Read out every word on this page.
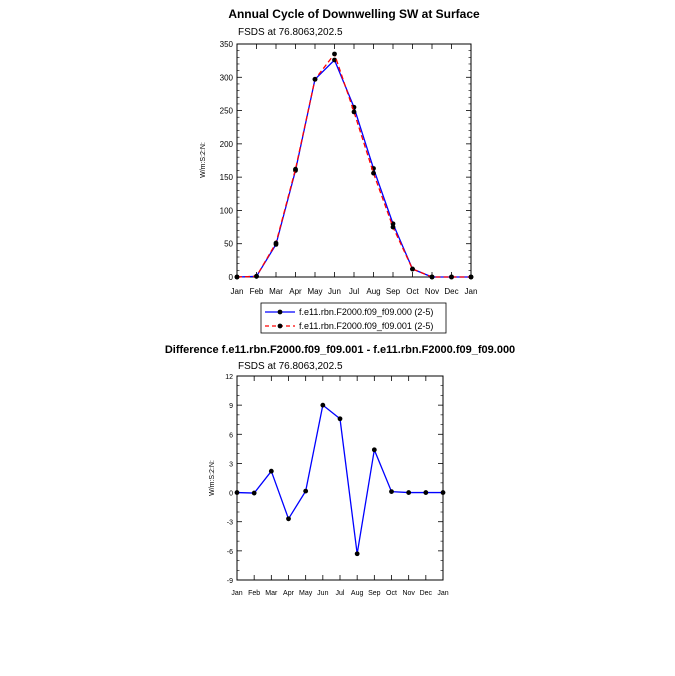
Annual Cycle of Downwelling SW at Surface
FSDS at 76.8063,202.5
W/m:S:2:N:
0
50
100
150
200
250
300
350
Jan Feb Mar Apr May Jun Jul Aug Sep Oct Nov Dec Jan
f.e11.rbn.F2000.f09_f09.000 (2-5)
f.e11.rbn.F2000.f09_f09.001 (2-5)
Difference f.e11.rbn.F2000.f09_f09.001 - f.e11.rbn.F2000.f09_f09.000
FSDS at 76.8063,202.5
W/m:S:2:N:
-9
-6
-3
0
3
6
9
12
Jan Feb Mar Apr May Jun Jul Aug Sep Oct Nov Dec Jan
